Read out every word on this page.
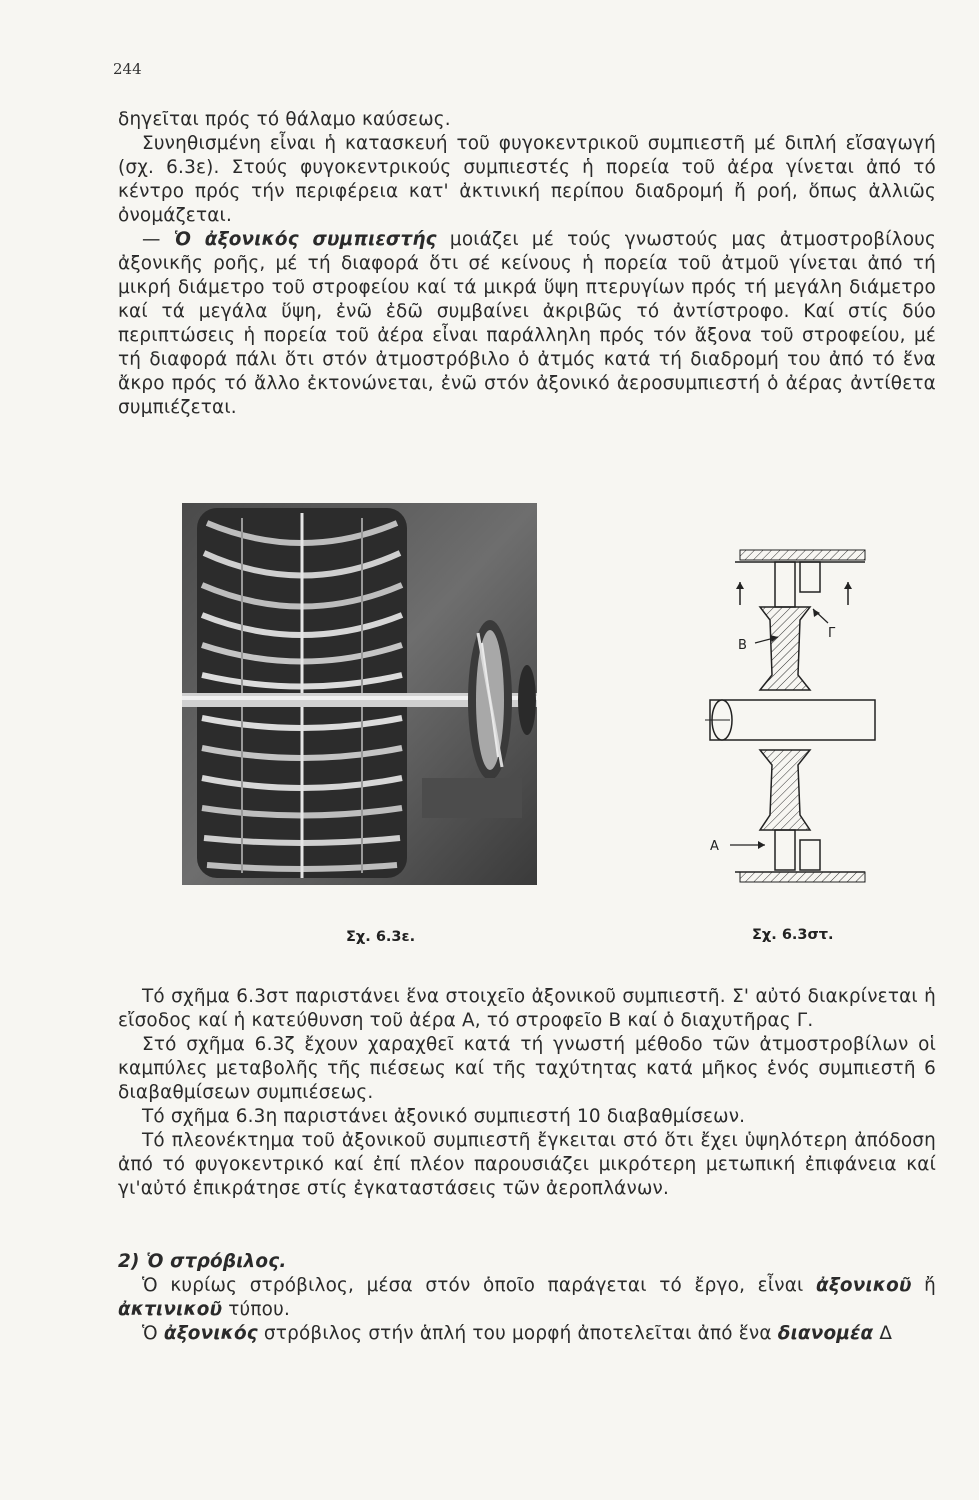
244

δηγεῖται πρός τό θάλαμο καύσεως.

Συνηθισμένη εἶναι ἡ κατασκευή τοῦ φυγοκεντρικοῦ συμπιεστῆ μέ διπλή εἴσαγωγή (σχ. 6.3ε). Στούς φυγοκεντρικούς συμπιεστές ἡ πορεία τοῦ ἀέρα γίνεται ἀπό τό κέντρο πρός τήν περιφέρεια κατ' ἀκτινική περίπου διαδρομή ἤ ροή, ὅπως ἀλλιῶς ὀνομάζεται.

— Ὁ ἀξονικός συμπιεστής μοιάζει μέ τούς γνωστούς μας ἀτμοστροβίλους ἀξονικῆς ροῆς, μέ τή διαφορά ὅτι σέ κείνους ἡ πορεία τοῦ ἀτμοῦ γίνεται ἀπό τή μικρή διάμετρο τοῦ στροφείου καί τά μικρά ὕψη πτερυγίων πρός τή μεγάλη διάμετρο καί τά μεγάλα ὕψη, ἐνῶ ἐδῶ συμβαίνει ἀκριβῶς τό ἀντίστροφο. Καί στίς δύο περιπτώσεις ἡ πορεία τοῦ ἀέρα εἶναι παράλληλη πρός τόν ἄξονα τοῦ στροφείου, μέ τή διαφορά πάλι ὅτι στόν ἀτμοστρόβιλο ὁ ἀτμός κατά τή διαδρομή του ἀπό τό ἕνα ἄκρο πρός τό ἄλλο ἐκτονώνεται, ἐνῶ στόν ἀξονικό ἀεροσυμπιεστή ὁ ἀέρας ἀντίθετα συμπιέζεται.

Β
Γ
Α
Σχ. 6.3ε.	Σχ. 6.3στ.

Τό σχῆμα 6.3στ παριστάνει ἕνα στοιχεῖο ἀξονικοῦ συμπιεστῆ. Σ' αὐτό διακρίνεται ἡ εἴσοδος καί ἡ κατεύθυνση τοῦ ἀέρα Α, τό στροφεῖο Β καί ὁ διαχυτῆρας Γ.

Στό σχῆμα 6.3ζ ἔχουν χαραχθεῖ κατά τή γνωστή μέθοδο τῶν ἀτμοστροβίλων οἱ καμπύλες μεταβολῆς τῆς πιέσεως καί τῆς ταχύτητας κατά μῆκος ἑνός συμπιεστῆ 6 διαβαθμίσεων συμπιέσεως.

Τό σχῆμα 6.3η παριστάνει ἀξονικό συμπιεστή 10 διαβαθμίσεων.

Τό πλεονέκτημα τοῦ ἀξονικοῦ συμπιεστῆ ἔγκειται στό ὅτι ἔχει ὑψηλότερη ἀπόδοση ἀπό τό φυγοκεντρικό καί ἐπί πλέον παρουσιάζει μικρότερη μετωπική ἐπιφάνεια καί γι'αὐτό ἐπικράτησε στίς ἐγκαταστάσεις τῶν ἀεροπλάνων.

2) Ὁ στρόβιλος.

Ὁ κυρίως στρόβιλος, μέσα στόν ὁποῖο παράγεται τό ἔργο, εἶναι ἀξονικοῦ ἤ ἀκτινικοῦ τύπου.

Ὁ ἀξονικός στρόβιλος στήν ἁπλή του μορφή ἀποτελεῖται ἀπό ἕνα διανομέα Δ
